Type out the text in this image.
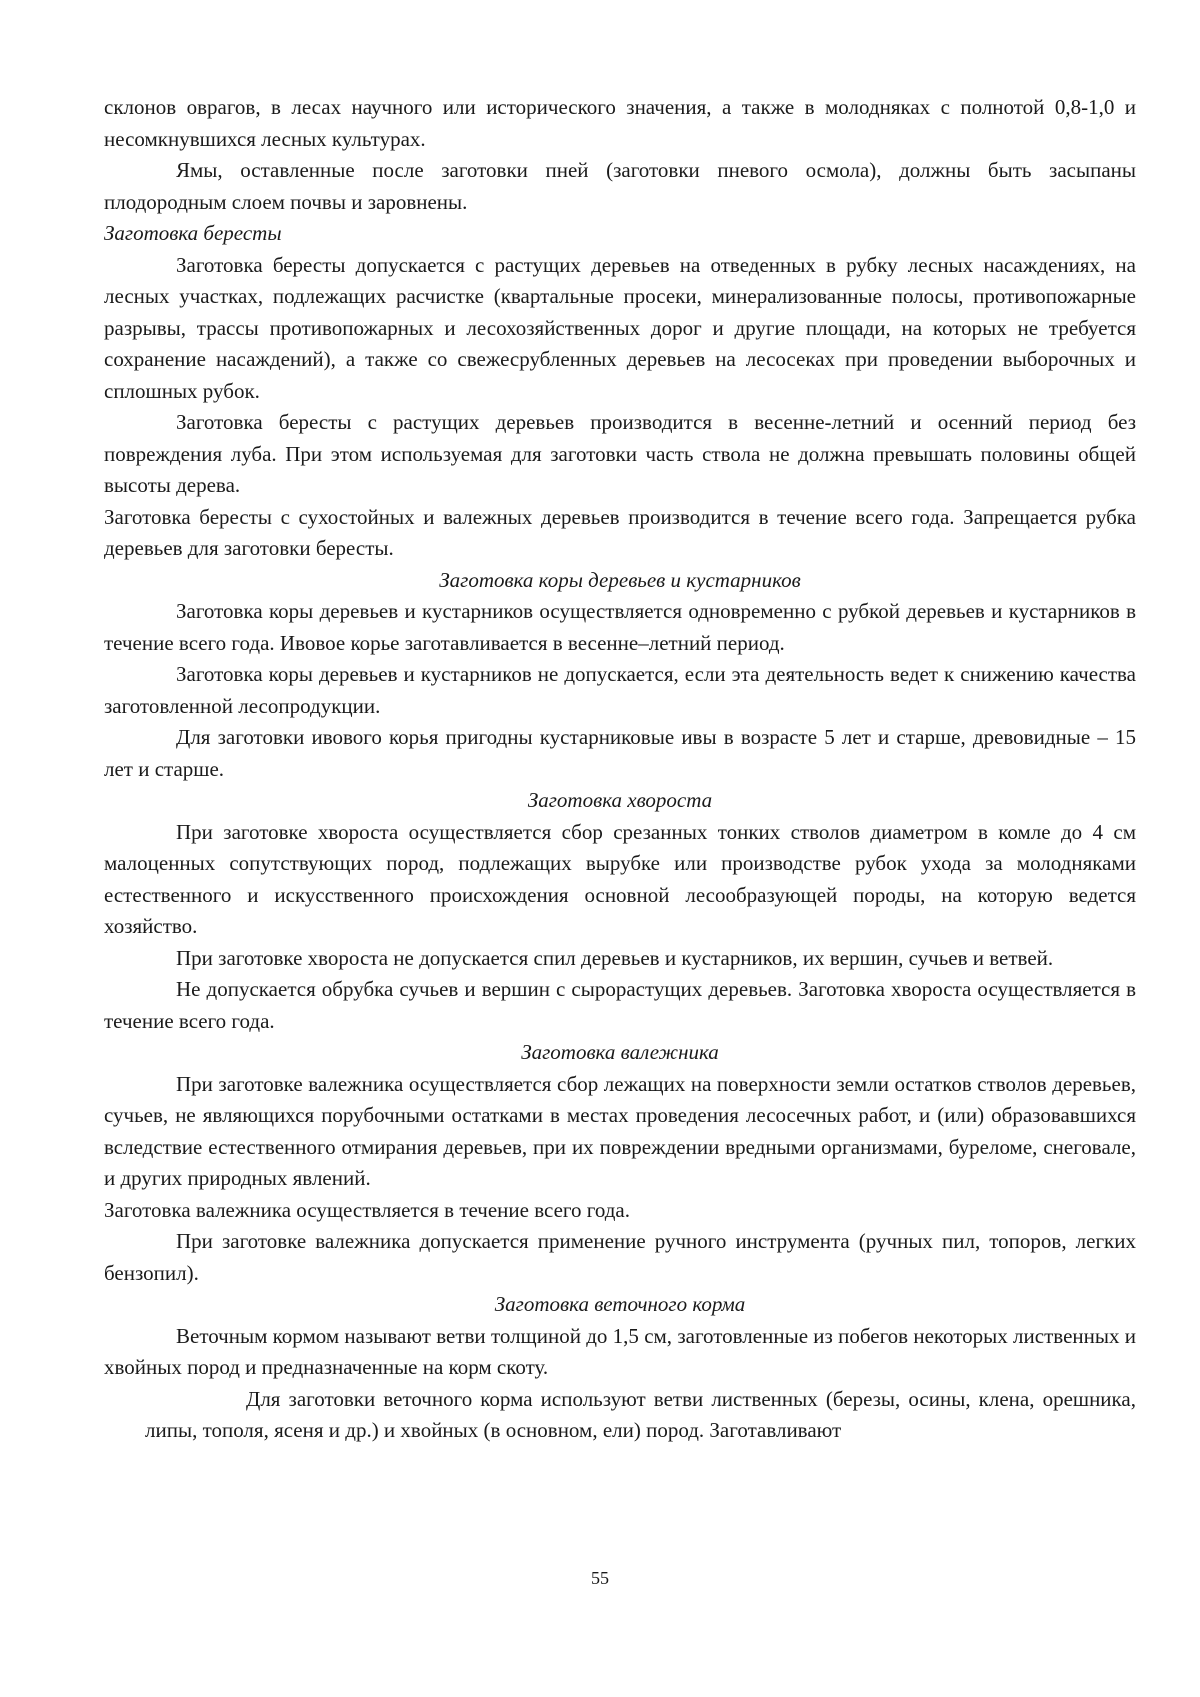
склонов оврагов, в лесах научного или исторического значения, а также в молодняках с полнотой 0,8-1,0 и несомкнувшихся лесных культурах.

Ямы, оставленные после заготовки пней (заготовки пневого осмола), должны быть засыпаны плодородным слоем почвы и заровнены.

Заготовка бересты

Заготовка бересты допускается с растущих деревьев на отведенных в рубку лесных насаждениях, на лесных участках, подлежащих расчистке (квартальные просеки, минерализованные полосы, противопожарные разрывы, трассы противопожарных и лесохозяйственных дорог и другие площади, на которых не требуется сохранение насаждений), а также со свежесрубленных деревьев на лесосеках при проведении выборочных и сплошных рубок.

Заготовка бересты с растущих деревьев производится в весенне-летний и осенний период без повреждения луба. При этом используемая для заготовки часть ствола не должна превышать половины общей высоты дерева.

Заготовка бересты с сухостойных и валежных деревьев производится в течение всего года. Запрещается рубка деревьев для заготовки бересты.

Заготовка коры деревьев и кустарников

Заготовка коры деревьев и кустарников осуществляется одновременно с рубкой деревьев и кустарников в течение всего года. Ивовое корье заготавливается в весенне–летний период.

Заготовка коры деревьев и кустарников не допускается, если эта деятельность ведет к снижению качества заготовленной лесопродукции.

Для заготовки ивового корья пригодны кустарниковые ивы в возрасте 5 лет и старше, древовидные – 15 лет и старше.

Заготовка хвороста

При заготовке хвороста осуществляется сбор срезанных тонких стволов диаметром в комле до 4 см малоценных сопутствующих пород, подлежащих вырубке или производстве рубок ухода за молодняками естественного и искусственного происхождения основной лесообразующей породы, на которую ведется хозяйство.

При заготовке хвороста не допускается спил деревьев и кустарников, их вершин, сучьев и ветвей.

Не допускается обрубка сучьев и вершин с сырорастущих деревьев. Заготовка хвороста осуществляется в течение всего года.

Заготовка валежника

При заготовке валежника осуществляется сбор лежащих на поверхности земли остатков стволов деревьев, сучьев, не являющихся порубочными остатками в местах проведения лесосечных работ, и (или) образовавшихся вследствие естественного отмирания деревьев, при их повреждении вредными организмами, буреломе, снеговале, и других природных явлений.

Заготовка валежника осуществляется в течение всего года.

При заготовке валежника допускается применение ручного инструмента (ручных пил, топоров, легких бензопил).

Заготовка веточного корма

Веточным кормом называют ветви толщиной до 1,5 см, заготовленные из побегов некоторых лиственных и хвойных пород и предназначенные на корм скоту.

Для заготовки веточного корма используют ветви лиственных (березы, осины, клена, орешника, липы, тополя, ясеня и др.) и хвойных (в основном, ели) пород. Заготавливают

55
